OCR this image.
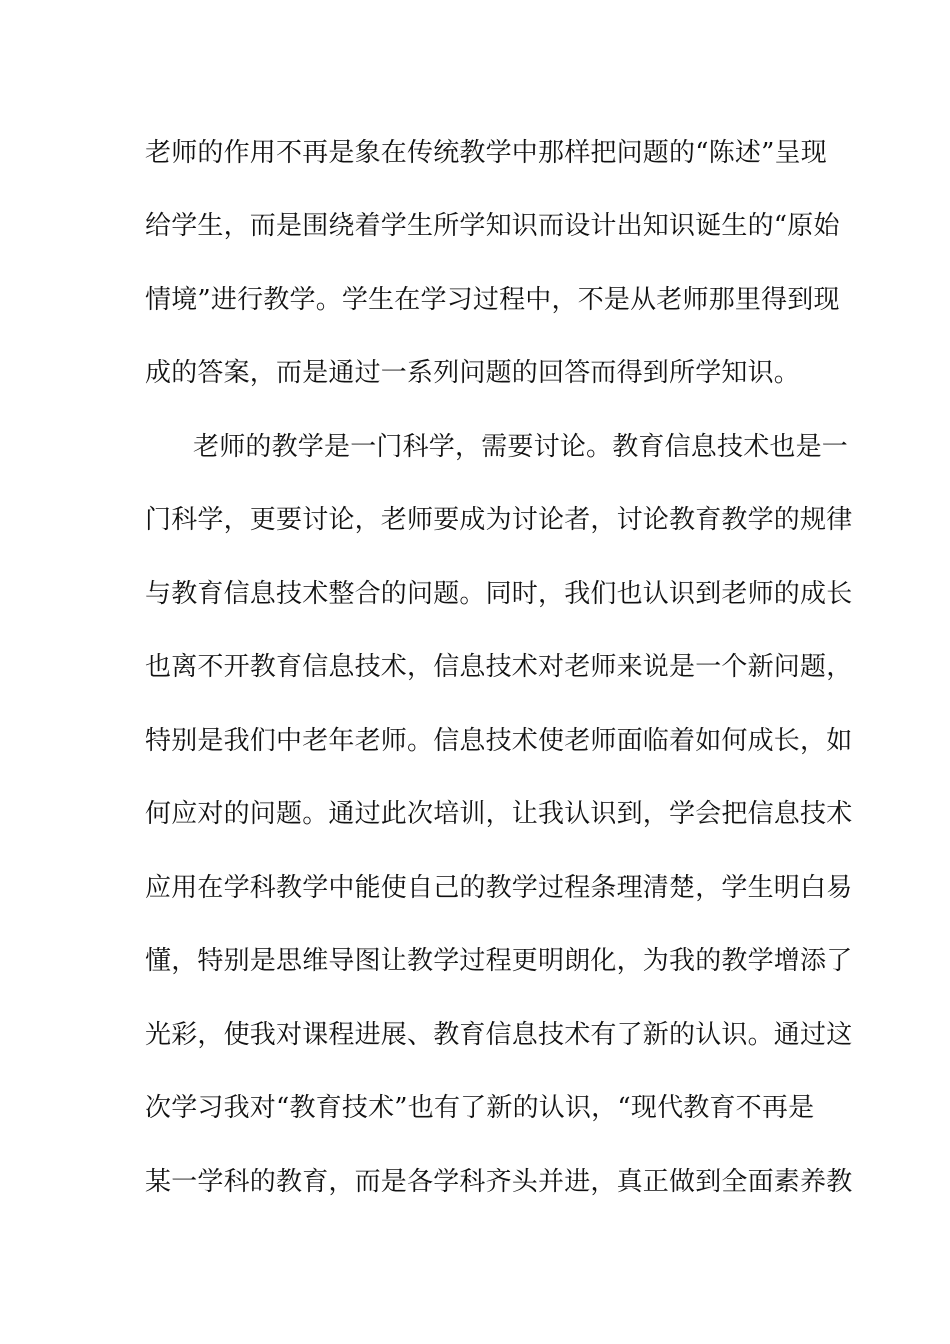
老师的作用不再是象在传统教学中那样把问题的“陈述”呈现
给学生，而是围绕着学生所学知识而设计出知识诞生的“原始
情境”进行教学。学生在学习过程中，不是从老师那里得到现
成的答案，而是通过一系列问题的回答而得到所学知识。
老师的教学是一门科学，需要讨论。教育信息技术也是一
门科学，更要讨论，老师要成为讨论者，讨论教育教学的规律
与教育信息技术整合的问题。同时，我们也认识到老师的成长
也离不开教育信息技术，信息技术对老师来说是一个新问题，
特别是我们中老年老师。信息技术使老师面临着如何成长，如
何应对的问题。通过此次培训，让我认识到，学会把信息技术
应用在学科教学中能使自己的教学过程条理清楚，学生明白易
懂，特别是思维导图让教学过程更明朗化，为我的教学增添了
光彩，使我对课程进展、教育信息技术有了新的认识。通过这
次学习我对“教育技术”也有了新的认识，“现代教育不再是
某一学科的教育，而是各学科齐头并进，真正做到全面素养教
